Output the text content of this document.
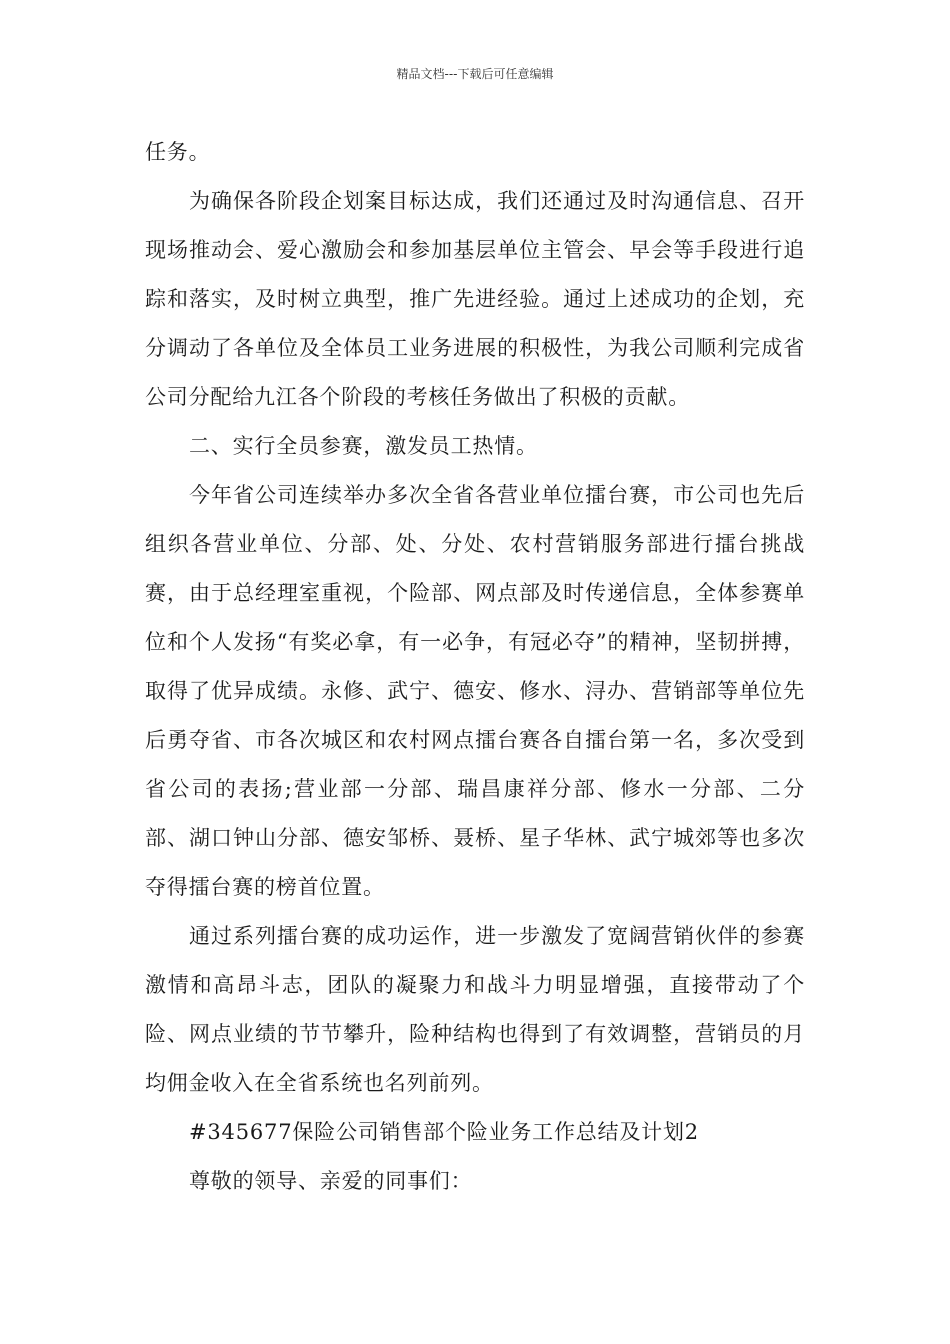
精品文档---下载后可任意编辑

任务。

为确保各阶段企划案目标达成，我们还通过及时沟通信息、召开现场推动会、爱心激励会和参加基层单位主管会、早会等手段进行追踪和落实，及时树立典型，推广先进经验。通过上述成功的企划，充分调动了各单位及全体员工业务进展的积极性，为我公司顺利完成省公司分配给九江各个阶段的考核任务做出了积极的贡献。

二、实行全员参赛，激发员工热情。

今年省公司连续举办多次全省各营业单位擂台赛，市公司也先后组织各营业单位、分部、处、分处、农村营销服务部进行擂台挑战赛，由于总经理室重视，个险部、网点部及时传递信息，全体参赛单位和个人发扬“有奖必拿，有一必争，有冠必夺”的精神，坚韧拼搏，取得了优异成绩。永修、武宁、德安、修水、浔办、营销部等单位先后勇夺省、市各次城区和农村网点擂台赛各自擂台第一名，多次受到省公司的表扬;营业部一分部、瑞昌康祥分部、修水一分部、二分部、湖口钟山分部、德安邹桥、聂桥、星子华林、武宁城郊等也多次夺得擂台赛的榜首位置。

通过系列擂台赛的成功运作，进一步激发了宽阔营销伙伴的参赛激情和高昂斗志，团队的凝聚力和战斗力明显增强，直接带动了个险、网点业绩的节节攀升，险种结构也得到了有效调整，营销员的月均佣金收入在全省系统也名列前列。

#345677保险公司销售部个险业务工作总结及计划2

尊敬的领导、亲爱的同事们：
